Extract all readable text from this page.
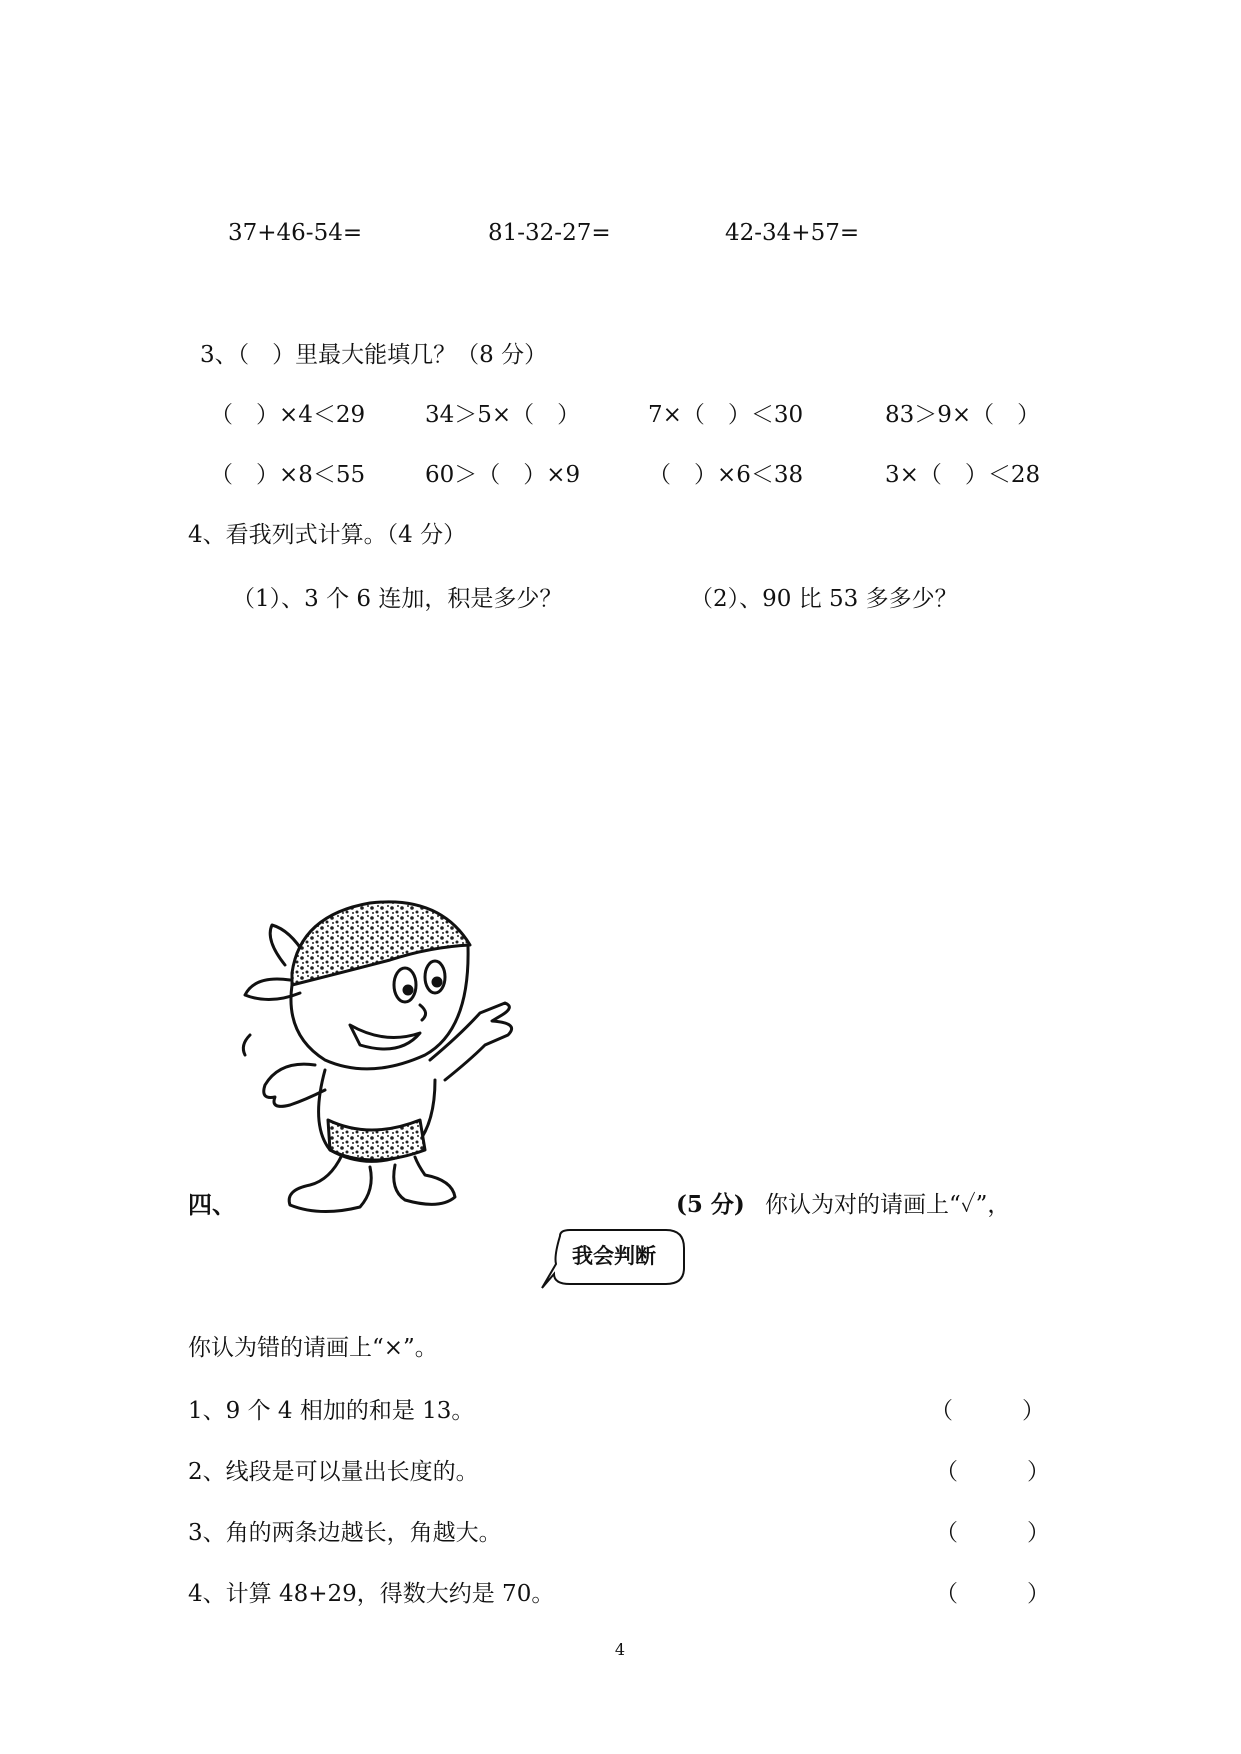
37+46-54=	81-32-27=	42-34+57=
3、（　）里最大能填几？（8 分）
（　）×4＜29	34＞5×（　）	7×（　）＜30	83＞9×（　）
（　）×8＜55	60＞（　）×9	（　）×6＜38	3×（　）＜28
4、看我列式计算。（4 分）
（1）、3 个 6 连加，积是多少？	（2）、90 比 53 多多少？
四、	(5 分) 你认为对的请画上“✓”，
我会判断
你认为错的请画上“×”。
1、9 个 4 相加的和是 13。	（　　　）
2、线段是可以量出长度的。	（　　　）
3、角的两条边越长，角越大。	（　　　）
4、计算 48+29，得数大约是 70。	（　　　）
4
